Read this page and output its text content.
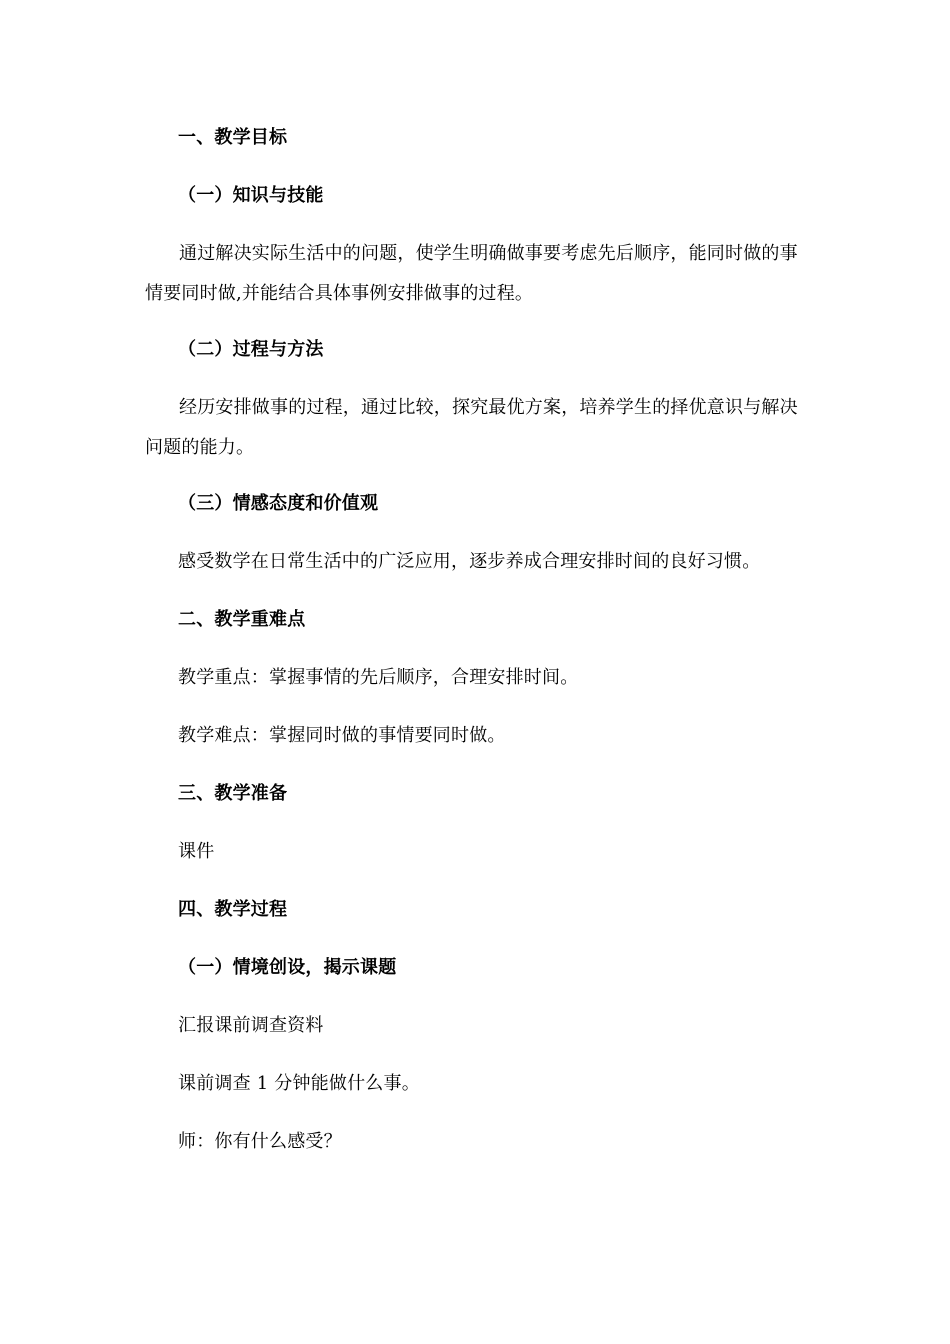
一、教学目标
（一）知识与技能
通过解决实际生活中的问题，使学生明确做事要考虑先后顺序，能同时做的事情要同时做,并能结合具体事例安排做事的过程。
（二）过程与方法
经历安排做事的过程，通过比较，探究最优方案，培养学生的择优意识与解决问题的能力。
（三）情感态度和价值观
感受数学在日常生活中的广泛应用，逐步养成合理安排时间的良好习惯。
二、教学重难点
教学重点：掌握事情的先后顺序，合理安排时间。
教学难点：掌握同时做的事情要同时做。
三、教学准备
课件
四、教学过程
（一）情境创设，揭示课题
汇报课前调查资料
课前调查 1 分钟能做什么事。
师：你有什么感受？
